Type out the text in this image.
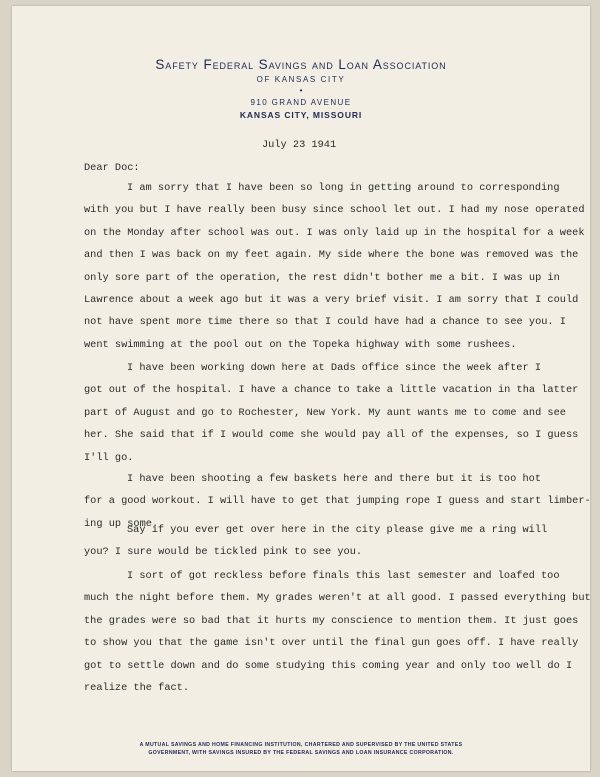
Safety Federal Savings and Loan Association
OF KANSAS CITY
•
910 GRAND AVENUE
KANSAS CITY, MISSOURI
July 23 1941
Dear Doc:
I am sorry that I have been so long in getting around to corresponding
with you but I have really been busy since school let out. I had my nose operated
on the Monday after school was out. I was only laid up in the hospital for a week
and then I was back on my feet again. My side where the bone was removed was the
only sore part of the operation, the rest didn't bother me a bit. I was up in
Lawrence about a week ago but it was a very brief visit. I am sorry that I could
not have spent more time there so that I could have had a chance to see you. I
went swimming at the pool out on the Topeka highway with some rushees.
I have been working down here at Dads office since the week after I
got out of the hospital. I have a chance to take a little vacation in tha latter
part of August and go to Rochester, New York. My aunt wants me to come and see
her. She said that if I would come she would pay all of the expenses, so I guess
I'll go.
I have been shooting a few baskets here and there but it is too hot
for a good workout. I will have to get that jumping rope I guess and start limber-
ing up some.
Say if you ever get over here in the city please give me a ring will
you? I sure would be tickled pink to see you.
I sort of got reckless before finals this last semester and loafed too
much the night before them. My grades weren't at all good. I passed everything but
the grades were so bad that it hurts my conscience to mention them. It just goes
to show you that the game isn't over until the final gun goes off. I have really
got to settle down and do some studying this coming year and only too well do I
realize the fact.
A MUTUAL SAVINGS AND HOME FINANCING INSTITUTION, CHARTERED AND SUPERVISED BY THE UNITED STATES
GOVERNMENT, WITH SAVINGS INSURED BY THE FEDERAL SAVINGS AND LOAN INSURANCE CORPORATION.
